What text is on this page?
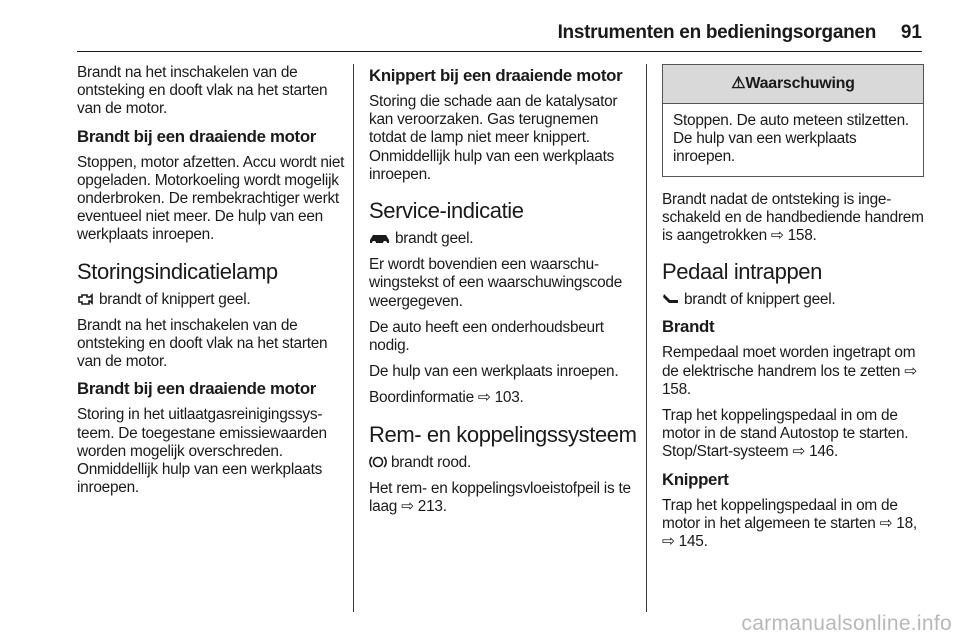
Instrumenten en bedieningsorganen 91

Brandt na het inschakelen van de ontsteking en dooft vlak na het starten van de motor.

Brandt bij een draaiende motor

Stoppen, motor afzetten. Accu wordt niet opgeladen. Motorkoeling wordt mogelijk onderbroken. De rembekrachtiger werkt eventueel niet meer. De hulp van een werkplaats inroepen.

Storingsindicatielamp
brandt of knippert geel.

Brandt na het inschakelen van de ontsteking en dooft vlak na het starten van de motor.

Brandt bij een draaiende motor

Storing in het uitlaatgasreinigingssysteem. De toegestane emissiewaarden worden mogelijk overschreden. Onmiddellijk hulp van een werkplaats inroepen.

Knippert bij een draaiende motor

Storing die schade aan de katalysator kan veroorzaken. Gas terugnemen totdat de lamp niet meer knippert. Onmiddellijk hulp van een werkplaats inroepen.

Service-indicatie
brandt geel.

Er wordt bovendien een waarschuwingstekst of een waarschuwingscode weergegeven.

De auto heeft een onderhoudsbeurt nodig.

De hulp van een werkplaats inroepen.

Boordinformatie ⇨ 103.

Rem- en koppelingssysteem
brandt rood.

Het rem- en koppelingsvloeistofpeil is te laag ⇨ 213.

⚠Waarschuwing
Stoppen. De auto meteen stilzetten. De hulp van een werkplaats inroepen.

Brandt nadat de ontsteking is ingeschakeld en de handbediende handrem is aangetrokken ⇨ 158.

Pedaal intrappen
brandt of knippert geel.
Brandt

Rempedaal moet worden ingetrapt om de elektrische handrem los te zetten ⇨ 158.

Trap het koppelingspedaal in om de motor in de stand Autostop te starten. Stop/Start-systeem ⇨ 146.

Knippert

Trap het koppelingspedaal in om de motor in het algemeen te starten ⇨ 18, ⇨ 145.

carmanualsonline.info
